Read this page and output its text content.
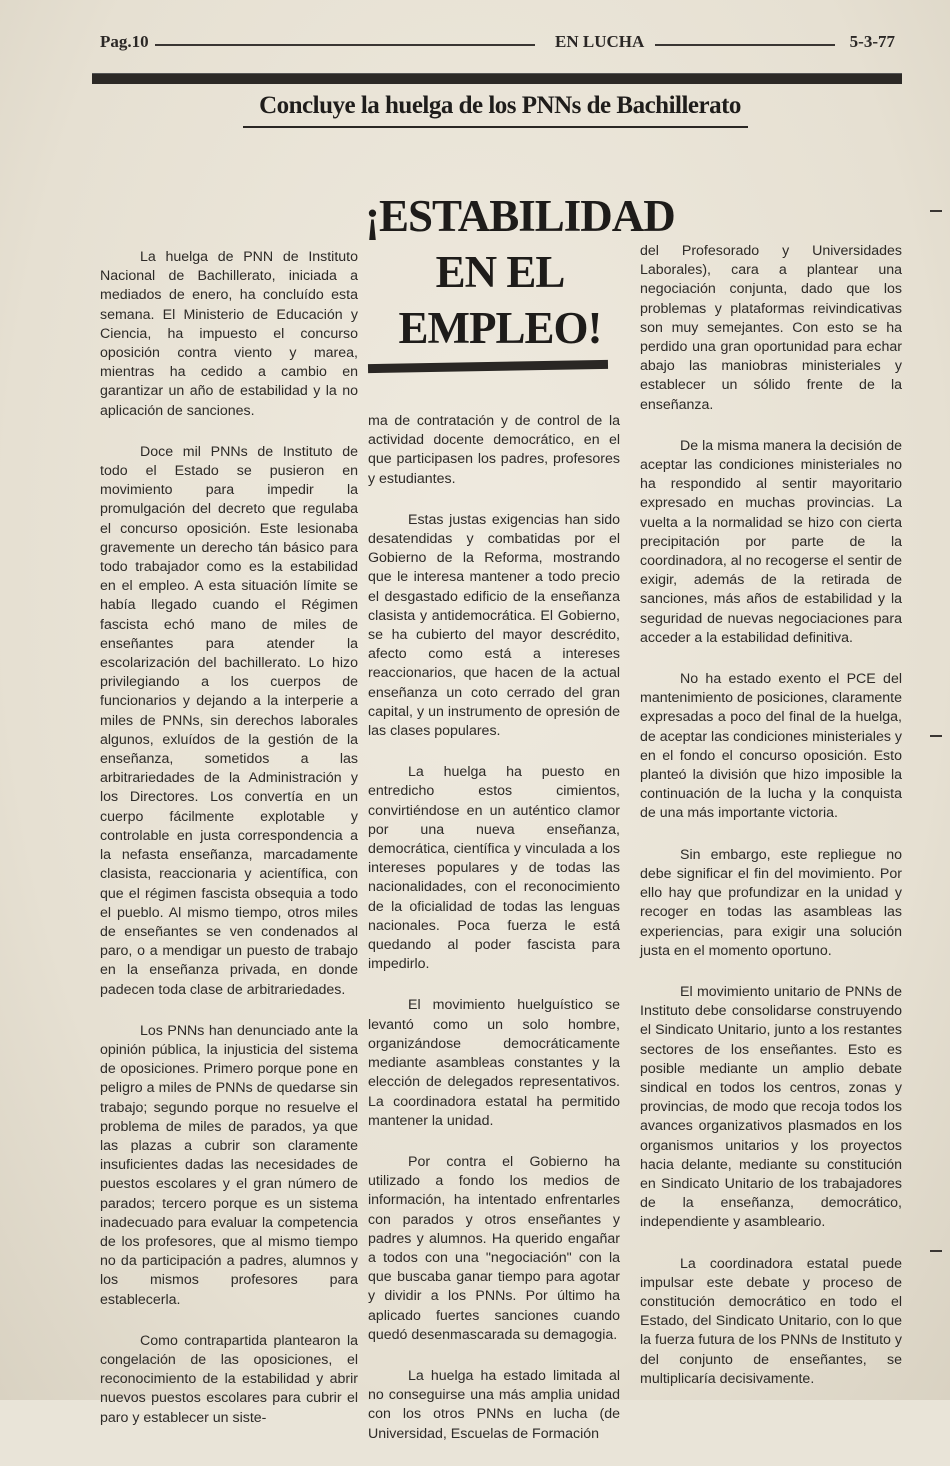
Pag.10	EN LUCHA	5-3-77
Concluye la huelga de los PNNs de Bachillerato
¡ESTABILIDAD
EN EL
EMPLEO!

La huelga de PNN de Instituto Nacional de Bachillerato, iniciada a mediados de enero, ha concluído esta semana. El Ministerio de Educación y Ciencia, ha impuesto el concurso oposición contra viento y marea, mientras ha cedido a cambio en garantizar un año de estabilidad y la no aplicación de sanciones.

Doce mil PNNs de Instituto de todo el Estado se pusieron en movimiento para impedir la promulgación del decreto que regulaba el concurso oposición. Este lesionaba gravemente un derecho tán básico para todo trabajador como es la estabilidad en el empleo. A esta situación límite se había llegado cuando el Régimen fascista echó mano de miles de enseñantes para atender la escolarización del bachillerato. Lo hizo privilegiando a los cuerpos de funcionarios y dejando a la interperie a miles de PNNs, sin derechos laborales algunos, exluídos de la gestión de la enseñanza, sometidos a las arbitrariedades de la Administración y los Directores. Los convertía en un cuerpo fácilmente explotable y controlable en justa correspondencia a la nefasta enseñanza, marcadamente clasista, reaccionaria y acientífica, con que el régimen fascista obsequia a todo el pueblo. Al mismo tiempo, otros miles de enseñantes se ven condenados al paro, o a mendigar un puesto de trabajo en la enseñanza privada, en donde padecen toda clase de arbitrariedades.

Los PNNs han denunciado ante la opinión pública, la injusticia del sistema de oposiciones. Primero porque pone en peligro a miles de PNNs de quedarse sin trabajo; segundo porque no resuelve el problema de miles de parados, ya que las plazas a cubrir son claramente insuficientes dadas las necesidades de puestos escolares y el gran número de parados; tercero porque es un sistema inadecuado para evaluar la competencia de los profesores, que al mismo tiempo no da participación a padres, alumnos y los mismos profesores para establecerla.

Como contrapartida plantearon la congelación de las oposiciones, el reconocimiento de la estabilidad y abrir nuevos puestos escolares para cubrir el paro y establecer un siste-

ma de contratación y de control de la actividad docente democrático, en el que participasen los padres, profesores y estudiantes.

Estas justas exigencias han sido desatendidas y combatidas por el Gobierno de la Reforma, mostrando que le interesa mantener a todo precio el desgastado edificio de la enseñanza clasista y antidemocrática. El Gobierno, se ha cubierto del mayor descrédito, afecto como está a intereses reaccionarios, que hacen de la actual enseñanza un coto cerrado del gran capital, y un instrumento de opresión de las clases populares.

La huelga ha puesto en entredicho estos cimientos, convirtiéndose en un auténtico clamor por una nueva enseñanza, democrática, científica y vinculada a los intereses populares y de todas las nacionalidades, con el reconocimiento de la oficialidad de todas las lenguas nacionales. Poca fuerza le está quedando al poder fascista para impedirlo.

El movimiento huelguístico se levantó como un solo hombre, organizándose democráticamente mediante asambleas constantes y la elección de delegados representativos. La coordinadora estatal ha permitido mantener la unidad.

Por contra el Gobierno ha utilizado a fondo los medios de información, ha intentado enfrentarles con parados y otros enseñantes y padres y alumnos. Ha querido engañar a todos con una "negociación" con la que buscaba ganar tiempo para agotar y dividir a los PNNs. Por último ha aplicado fuertes sanciones cuando quedó desenmascarada su demagogia.

La huelga ha estado limitada al no conseguirse una más amplia unidad con los otros PNNs en lucha (de Universidad, Escuelas de Formación

del Profesorado y Universidades Laborales), cara a plantear una negociación conjunta, dado que los problemas y plataformas reivindicativas son muy semejantes. Con esto se ha perdido una gran oportunidad para echar abajo las maniobras ministeriales y establecer un sólido frente de la enseñanza.

De la misma manera la decisión de aceptar las condiciones ministeriales no ha respondido al sentir mayoritario expresado en muchas provincias. La vuelta a la normalidad se hizo con cierta precipitación por parte de la coordinadora, al no recogerse el sentir de exigir, además de la retirada de sanciones, más años de estabilidad y la seguridad de nuevas negociaciones para acceder a la estabilidad definitiva.

No ha estado exento el PCE del mantenimiento de posiciones, claramente expresadas a poco del final de la huelga, de aceptar las condiciones ministeriales y en el fondo el concurso oposición. Esto planteó la división que hizo imposible la continuación de la lucha y la conquista de una más importante victoria.

Sin embargo, este repliegue no debe significar el fin del movimiento. Por ello hay que profundizar en la unidad y recoger en todas las asambleas las experiencias, para exigir una solución justa en el momento oportuno.

El movimiento unitario de PNNs de Instituto debe consolidarse construyendo el Sindicato Unitario, junto a los restantes sectores de los enseñantes. Esto es posible mediante un amplio debate sindical en todos los centros, zonas y provincias, de modo que recoja todos los avances organizativos plasmados en los organismos unitarios y los proyectos hacia delante, mediante su constitución en Sindicato Unitario de los trabajadores de la enseñanza, democrático, independiente y asambleario.

La coordinadora estatal puede impulsar este debate y proceso de constitución democrático en todo el Estado, del Sindicato Unitario, con lo que la fuerza futura de los PNNs de Instituto y del conjunto de enseñantes, se multiplicaría decisivamente.
